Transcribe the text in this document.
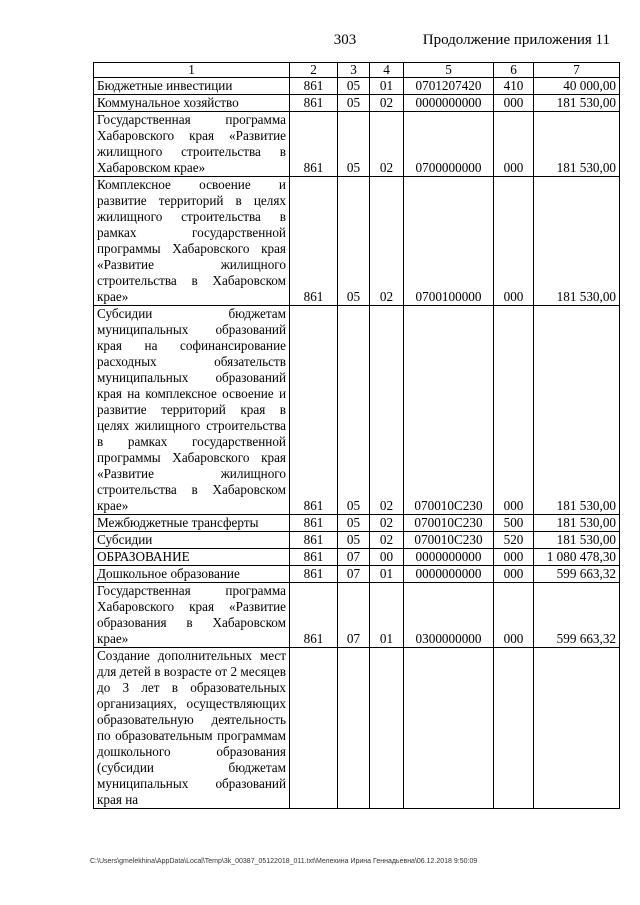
303	Продолжение приложения 11
1	2	3	4	5	6	7
Бюджетные инвестиции	861	05	01	0701207420	410	40 000,00
Коммунальное хозяйство	861	05	02	0000000000	000	181 530,00
Государственная программа Хабаровского края «Развитие жилищного строительства в Хабаровском крае»	861	05	02	0700000000	000	181 530,00
Комплексное освоение и развитие территорий в целях жилищного строительства в рамках государственной программы Хабаровского края «Развитие жилищного строительства в Хабаровском крае»	861	05	02	0700100000	000	181 530,00
Субсидии бюджетам муниципальных образований края на софинансирование расходных обязательств муниципальных образований края на комплексное освоение и развитие территорий края в целях жилищного строительства в рамках государственной программы Хабаровского края «Развитие жилищного строительства в Хабаровском крае»	861	05	02	070010С230	000	181 530,00
Межбюджетные трансферты	861	05	02	070010С230	500	181 530,00
Субсидии	861	05	02	070010С230	520	181 530,00
ОБРАЗОВАНИЕ	861	07	00	0000000000	000	1 080 478,30
Дошкольное образование	861	07	01	0000000000	000	599 663,32
Государственная программа Хабаровского края «Развитие образования в Хабаровском крае»	861	07	01	0300000000	000	599 663,32
Создание дополнительных мест для детей в возрасте от 2 месяцев до 3 лет в образовательных организациях, осуществляющих образовательную деятельность по образовательным программам дошкольного образования (субсидии бюджетам муниципальных образований края на						
C:\Users\gmelekhina\AppData\Local\Temp\3k_00387_05122018_011.txt\Мелехина Ирина Геннадьевна\06.12.2018 9:50:09
